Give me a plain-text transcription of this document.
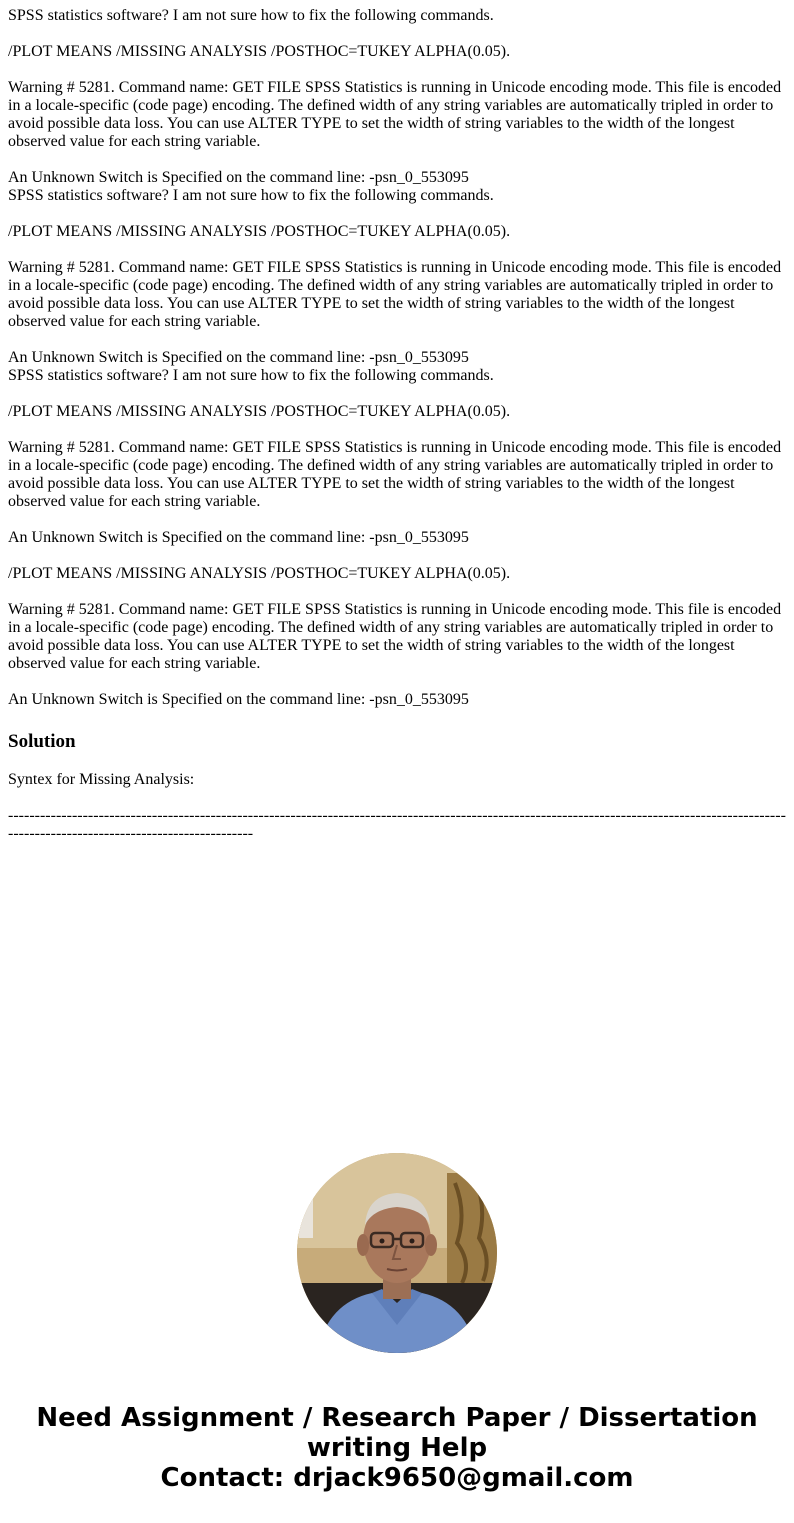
SPSS statistics software? I am not sure how to fix the following commands.
/PLOT MEANS /MISSING ANALYSIS /POSTHOC=TUKEY ALPHA(0.05).
Warning # 5281. Command name: GET FILE SPSS Statistics is running in Unicode encoding mode. This file is encoded
in a locale-specific (code page) encoding. The defined width of any string variables are automatically tripled in order to
avoid possible data loss. You can use ALTER TYPE to set the width of string variables to the width of the longest
observed value for each string variable.
An Unknown Switch is Specified on the command line: -psn_0_553095
SPSS statistics software? I am not sure how to fix the following commands.
/PLOT MEANS /MISSING ANALYSIS /POSTHOC=TUKEY ALPHA(0.05).
Warning # 5281. Command name: GET FILE SPSS Statistics is running in Unicode encoding mode. This file is encoded
in a locale-specific (code page) encoding. The defined width of any string variables are automatically tripled in order to
avoid possible data loss. You can use ALTER TYPE to set the width of string variables to the width of the longest
observed value for each string variable.
An Unknown Switch is Specified on the command line: -psn_0_553095
SPSS statistics software? I am not sure how to fix the following commands.
/PLOT MEANS /MISSING ANALYSIS /POSTHOC=TUKEY ALPHA(0.05).
Warning # 5281. Command name: GET FILE SPSS Statistics is running in Unicode encoding mode. This file is encoded
in a locale-specific (code page) encoding. The defined width of any string variables are automatically tripled in order to
avoid possible data loss. You can use ALTER TYPE to set the width of string variables to the width of the longest
observed value for each string variable.
An Unknown Switch is Specified on the command line: -psn_0_553095
/PLOT MEANS /MISSING ANALYSIS /POSTHOC=TUKEY ALPHA(0.05).
Warning # 5281. Command name: GET FILE SPSS Statistics is running in Unicode encoding mode. This file is encoded
in a locale-specific (code page) encoding. The defined width of any string variables are automatically tripled in order to
avoid possible data loss. You can use ALTER TYPE to set the width of string variables to the width of the longest
observed value for each string variable.
An Unknown Switch is Specified on the command line: -psn_0_553095
Solution
Syntex for Missing Analysis:
------------------------------------------------------------------------------------------------------------------------------------------------------------------------------------------------
Need Assignment / Research Paper / Dissertation
writing Help
Contact: drjack9650@gmail.com
